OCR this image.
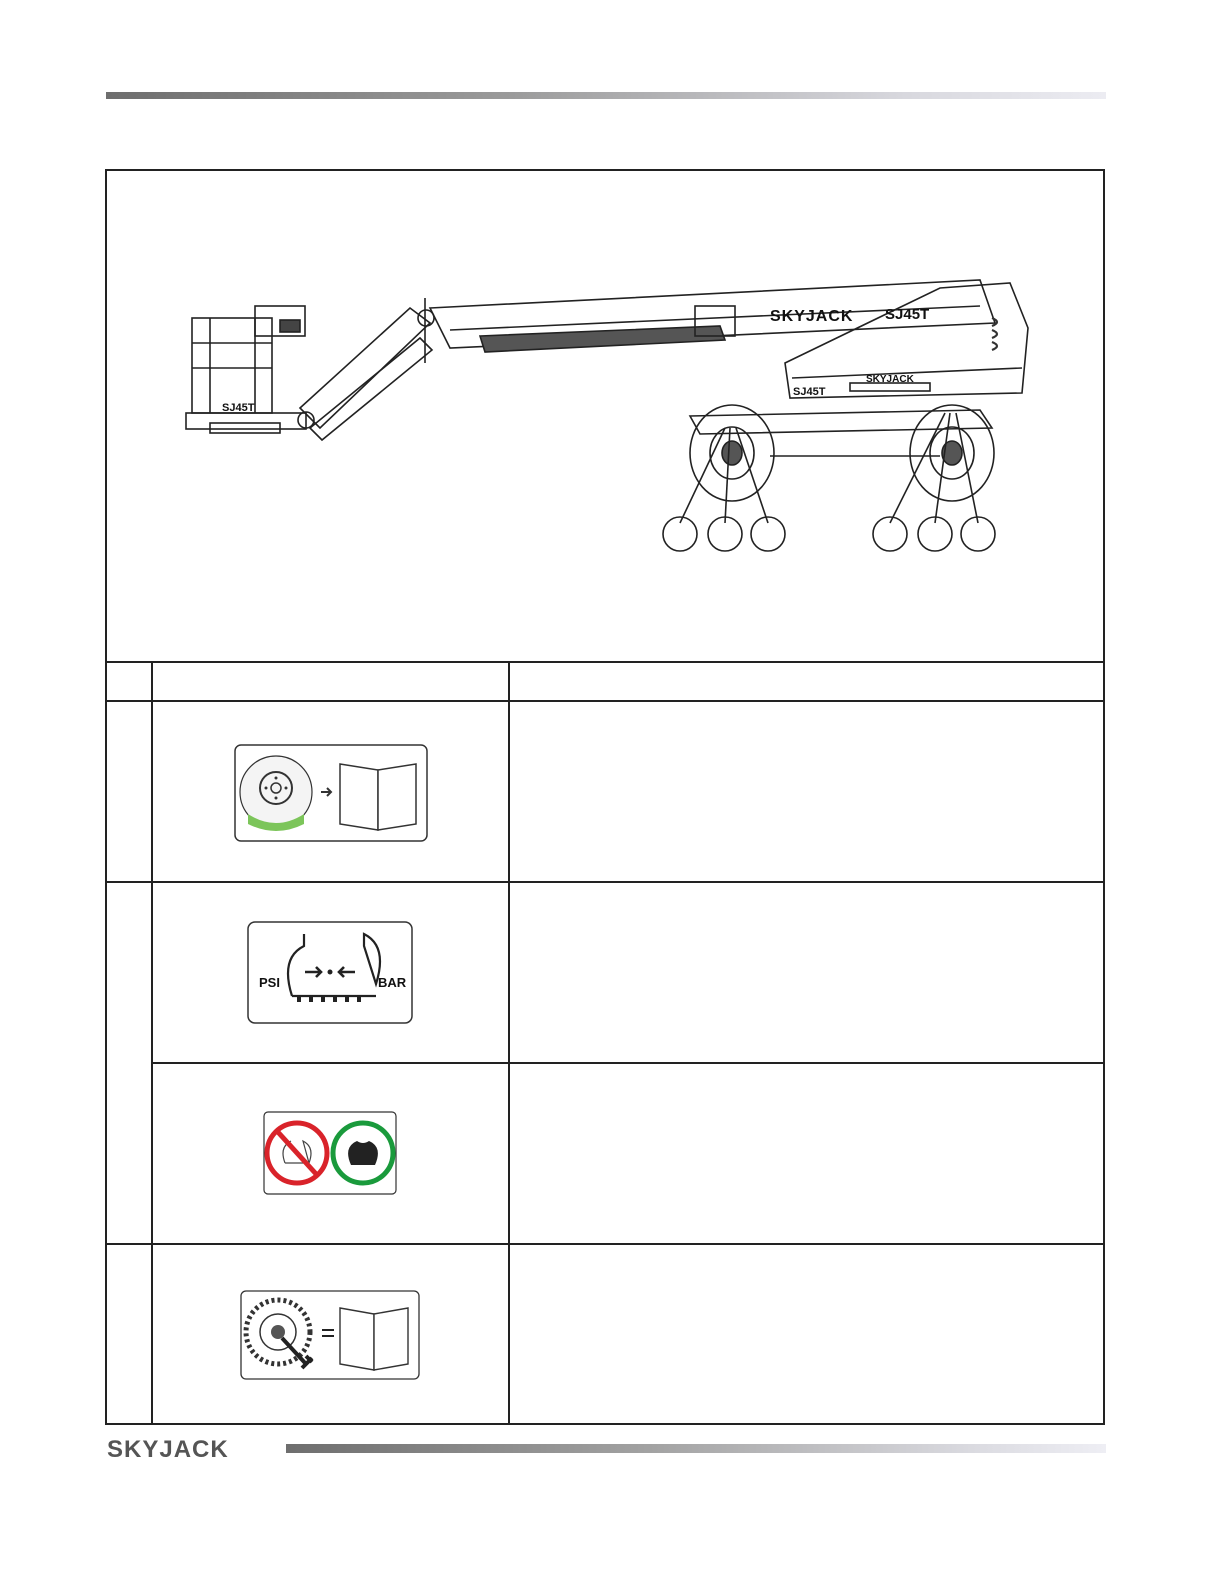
SKYJACK SJ45T
SJ45T
SJ45T
SKYJACK
PSI	BAR
SKYJACK
